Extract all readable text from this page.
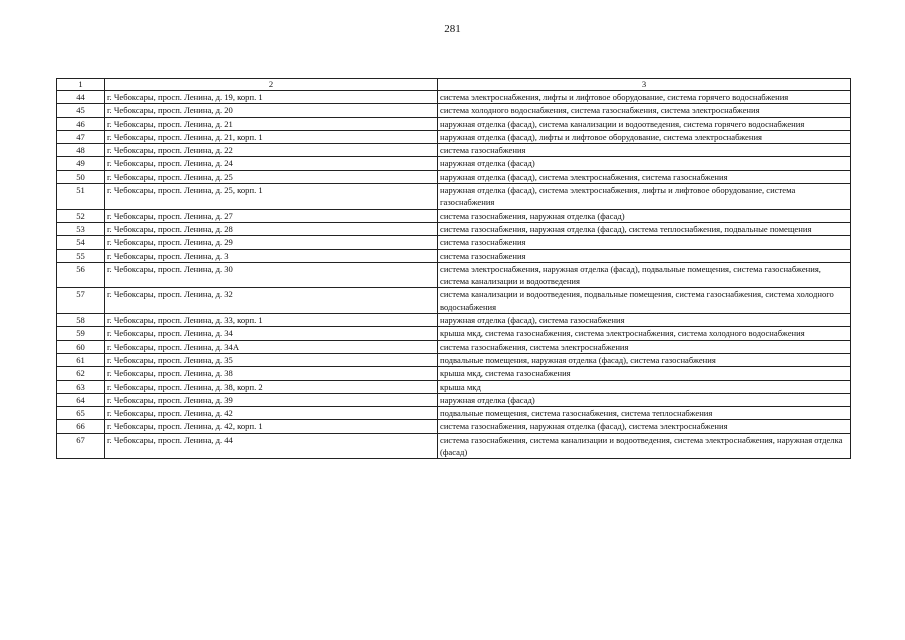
281
1	2	3
44	г. Чебоксары, просп. Ленина, д. 19, корп. 1	система электроснабжения, лифты и лифтовое оборудование, система горячего водоснабжения
45	г. Чебоксары, просп. Ленина, д. 20	система холодного водоснабжения, система газоснабжения, система электроснабжения
46	г. Чебоксары, просп. Ленина, д. 21	наружная отделка (фасад), система канализации и водоотведения, система горячего водоснабжения
47	г. Чебоксары, просп. Ленина, д. 21, корп. 1	наружная отделка (фасад), лифты и лифтовое оборудование, система электроснабжения
48	г. Чебоксары, просп. Ленина, д. 22	система газоснабжения
49	г. Чебоксары, просп. Ленина, д. 24	наружная отделка (фасад)
50	г. Чебоксары, просп. Ленина, д. 25	наружная отделка (фасад), система электроснабжения, система газоснабжения
51	г. Чебоксары, просп. Ленина, д. 25, корп. 1	наружная отделка (фасад), система электроснабжения, лифты и лифтовое оборудование, система газоснабжения
52	г. Чебоксары, просп. Ленина, д. 27	система газоснабжения, наружная отделка (фасад)
53	г. Чебоксары, просп. Ленина, д. 28	система газоснабжения, наружная отделка (фасад), система теплоснабжения, подвальные помещения
54	г. Чебоксары, просп. Ленина, д. 29	система газоснабжения
55	г. Чебоксары, просп. Ленина, д. 3	система газоснабжения
56	г. Чебоксары, просп. Ленина, д. 30	система электроснабжения, наружная отделка (фасад), подвальные помещения, система газоснабжения, система канализации и водоотведения
57	г. Чебоксары, просп. Ленина, д. 32	система канализации и водоотведения, подвальные помещения, система газоснабжения, система холодного водоснабжения
58	г. Чебоксары, просп. Ленина, д. 33, корп. 1	наружная отделка (фасад), система газоснабжения
59	г. Чебоксары, просп. Ленина, д. 34	крыша мкд, система газоснабжения, система электроснабжения, система холодного водоснабжения
60	г. Чебоксары, просп. Ленина, д. 34А	система газоснабжения, система электроснабжения
61	г. Чебоксары, просп. Ленина, д. 35	подвальные помещения, наружная отделка (фасад), система газоснабжения
62	г. Чебоксары, просп. Ленина, д. 38	крыша мкд, система газоснабжения
63	г. Чебоксары, просп. Ленина, д. 38, корп. 2	крыша мкд
64	г. Чебоксары, просп. Ленина, д. 39	наружная отделка (фасад)
65	г. Чебоксары, просп. Ленина, д. 42	подвальные помещения, система газоснабжения, система теплоснабжения
66	г. Чебоксары, просп. Ленина, д. 42, корп. 1	система газоснабжения, наружная отделка (фасад), система электроснабжения
67	г. Чебоксары, просп. Ленина, д. 44	система газоснабжения, система канализации и водоотведения, система электроснабжения, наружная отделка (фасад)
